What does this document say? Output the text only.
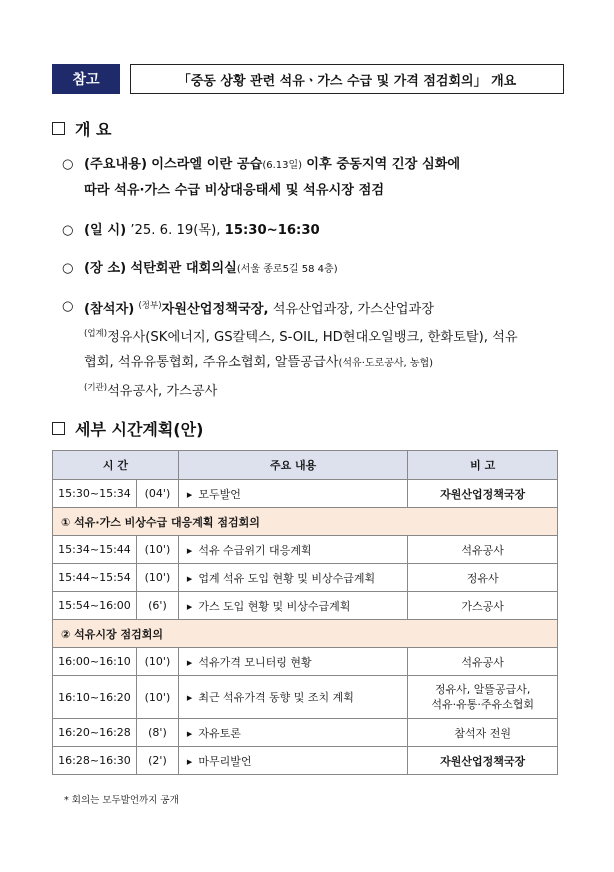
참고	「중동 상황 관련 석유ㆍ가스 수급 및 가격 점검회의」 개요
개 요
○ (주요내용) 이스라엘 이란 공습(6.13일) 이후 중동지역 긴장 심화에
따라 석유·가스 수급 비상대응태세 및 석유시장 점검
○ (일 시) ’25. 6. 19(목), 15:30~16:30
○ (장 소) 석탄회관 대회의실(서울 종로5길 58 4층)
○ (참석자) $^{(정부)}$자원산업정책국장, 석유산업과장, 가스산업과장
$^{(업계)}$정유사(SK에너지, GS칼텍스, S-OIL, HD현대오일뱅크, 한화토탈), 석유
협회, 석유유통협회, 주유소협회, 알뜰공급사(석유·도로공사, 농협)
$^{(기관)}$석유공사, 가스공사
세부 시간계획(안)
시 간		주요 내용	비 고
15:30~15:34	(04')	▶ 모두발언	자원산업정책국장
① 석유·가스 비상수급 대응계획 점검회의			
15:34~15:44	(10')	▶ 석유 수급위기 대응계획	석유공사
15:44~15:54	(10')	▶ 업계 석유 도입 현황 및 비상수급계획	정유사
15:54~16:00	(6')	▶ 가스 도입 현황 및 비상수급계획	가스공사
② 석유시장 점검회의			
16:00~16:10	(10')	▶ 석유가격 모니터링 현황	석유공사
16:10~16:20	(10')	▶ 최근 석유가격 동향 및 조치 계획	정유사, 알뜰공급사,
석유·유통·주유소협회
16:20~16:28	(8')	▶ 자유토론	참석자 전원
16:28~16:30	(2')	▶ 마무리발언	자원산업정책국장
* 회의는 모두발언까지 공개
